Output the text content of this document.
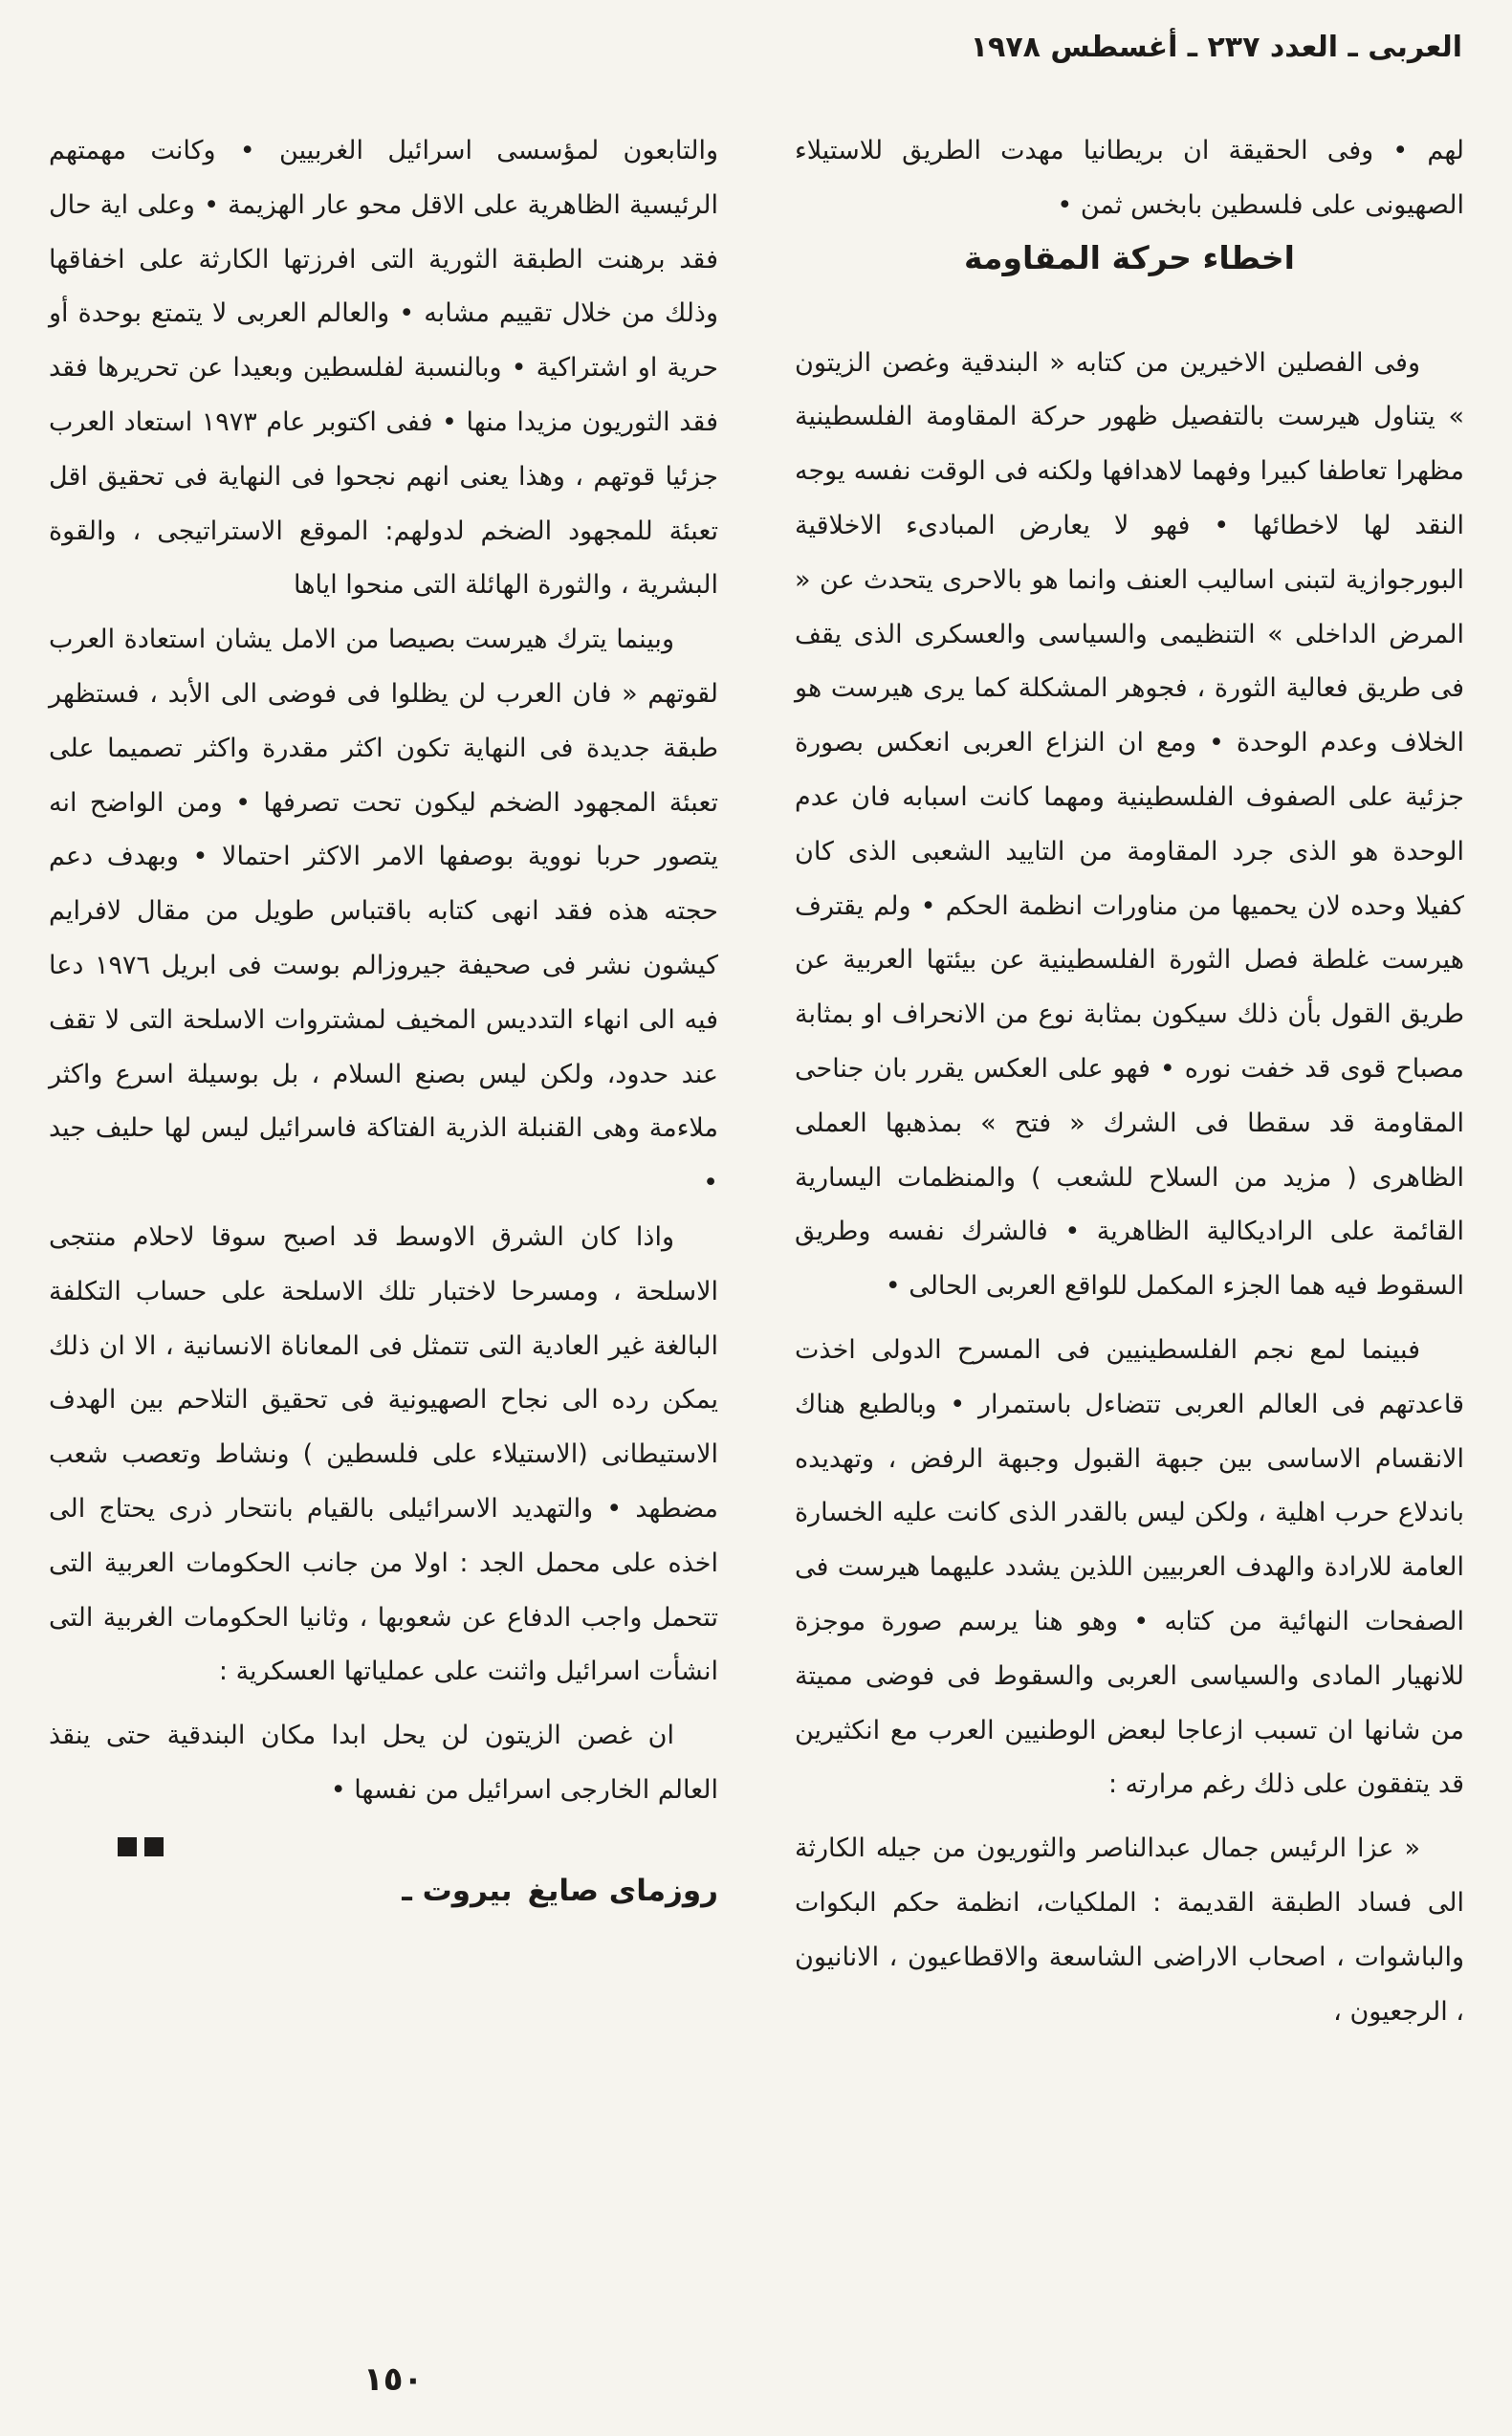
العربى ـ العدد ٢٣٧ ـ أغسطس ١٩٧٨

لهم • وفى الحقيقة ان بريطانيا مهدت الطريق للاستيلاء الصهيونى على فلسطين بابخس ثمن •

اخطاء حركة المقاومة

وفى الفصلين الاخيرين من كتابه « البندقية وغصن الزيتون » يتناول هيرست بالتفصيل ظهور حركة المقاومة الفلسطينية مظهرا تعاطفا كبيرا وفهما لاهدافها ولكنه فى الوقت نفسه يوجه النقد لها لاخطائها • فهو لا يعارض المبادىء الاخلاقية البورجوازية لتبنى اساليب العنف وانما هو بالاحرى يتحدث عن « المرض الداخلى » التنظيمى والسياسى والعسكرى الذى يقف فى طريق فعالية الثورة ، فجوهر المشكلة كما يرى هيرست هو الخلاف وعدم الوحدة • ومع ان النزاع العربى انعكس بصورة جزئية على الصفوف الفلسطينية ومهما كانت اسبابه فان عدم الوحدة هو الذى جرد المقاومة من التاييد الشعبى الذى كان كفيلا وحده لان يحميها من مناورات انظمة الحكم • ولم يقترف هيرست غلطة فصل الثورة الفلسطينية عن بيئتها العربية عن طريق القول بأن ذلك سيكون بمثابة نوع من الانحراف او بمثابة مصباح قوى قد خفت نوره • فهو على العكس يقرر بان جناحى المقاومة قد سقطا فى الشرك « فتح » بمذهبها العملى الظاهرى ( مزيد من السلاح للشعب ) والمنظمات اليسارية القائمة على الراديكالية الظاهرية • فالشرك نفسه وطريق السقوط فيه هما الجزء المكمل للواقع العربى الحالى •

فبينما لمع نجم الفلسطينيين فى المسرح الدولى اخذت قاعدتهم فى العالم العربى تتضاءل باستمرار • وبالطبع هناك الانقسام الاساسى بين جبهة القبول وجبهة الرفض ، وتهديده باندلاع حرب اهلية ، ولكن ليس بالقدر الذى كانت عليه الخسارة العامة للارادة والهدف العربيين اللذين يشدد عليهما هيرست فى الصفحات النهائية من كتابه • وهو هنا يرسم صورة موجزة للانهيار المادى والسياسى العربى والسقوط فى فوضى مميتة من شانها ان تسبب ازعاجا لبعض الوطنيين العرب مع انكثيرين قد يتفقون على ذلك رغم مرارته :

« عزا الرئيس جمال عبدالناصر والثوريون من جيله الكارثة الى فساد الطبقة القديمة : الملكيات، انظمة حكم البكوات والباشوات ، اصحاب الاراضى الشاسعة والاقطاعيون ، الانانيون ، الرجعيون ،

والتابعون لمؤسسى اسرائيل الغربيين • وكانت مهمتهم الرئيسية الظاهرية على الاقل محو عار الهزيمة • وعلى اية حال فقد برهنت الطبقة الثورية التى افرزتها الكارثة على اخفاقها وذلك من خلال تقييم مشابه • والعالم العربى لا يتمتع بوحدة أو حرية او اشتراكية • وبالنسبة لفلسطين وبعيدا عن تحريرها فقد فقد الثوريون مزيدا منها • ففى اكتوبر عام ١٩٧٣ استعاد العرب جزئيا قوتهم ، وهذا يعنى انهم نجحوا فى النهاية فى تحقيق اقل تعبئة للمجهود الضخم لدولهم: الموقع الاستراتيجى ، والقوة البشرية ، والثورة الهائلة التى منحوا اياها

وبينما يترك هيرست بصيصا من الامل يشان استعادة العرب لقوتهم « فان العرب لن يظلوا فى فوضى الى الأبد ، فستظهر طبقة جديدة فى النهاية تكون اكثر مقدرة واكثر تصميما على تعبئة المجهود الضخم ليكون تحت تصرفها • ومن الواضح انه يتصور حربا نووية بوصفها الامر الاكثر احتمالا • وبهدف دعم حجته هذه فقد انهى كتابه باقتباس طويل من مقال لافرايم كيشون نشر فى صحيفة جيروزالم بوست فى ابريل ١٩٧٦ دعا فيه الى انهاء التدديس المخيف لمشتروات الاسلحة التى لا تقف عند حدود، ولكن ليس بصنع السلام ، بل بوسيلة اسرع واكثر ملاءمة وهى القنبلة الذرية الفتاكة فاسرائيل ليس لها حليف جيد •

واذا كان الشرق الاوسط قد اصبح سوقا لاحلام منتجى الاسلحة ، ومسرحا لاختبار تلك الاسلحة على حساب التكلفة البالغة غير العادية التى تتمثل فى المعاناة الانسانية ، الا ان ذلك يمكن رده الى نجاح الصهيونية فى تحقيق التلاحم بين الهدف الاستيطانى (الاستيلاء على فلسطين ) ونشاط وتعصب شعب مضطهد • والتهديد الاسرائيلى بالقيام بانتحار ذرى يحتاج الى اخذه على محمل الجد : اولا من جانب الحكومات العربية التى تتحمل واجب الدفاع عن شعوبها ، وثانيا الحكومات الغربية التى انشأت اسرائيل واثنت على عملياتها العسكرية :

ان غصن الزيتون لن يحل ابدا مكان البندقية حتى ينقذ العالم الخارجى اسرائيل من نفسها •

بيروت ـ روزماى صايغ
١٥٠
